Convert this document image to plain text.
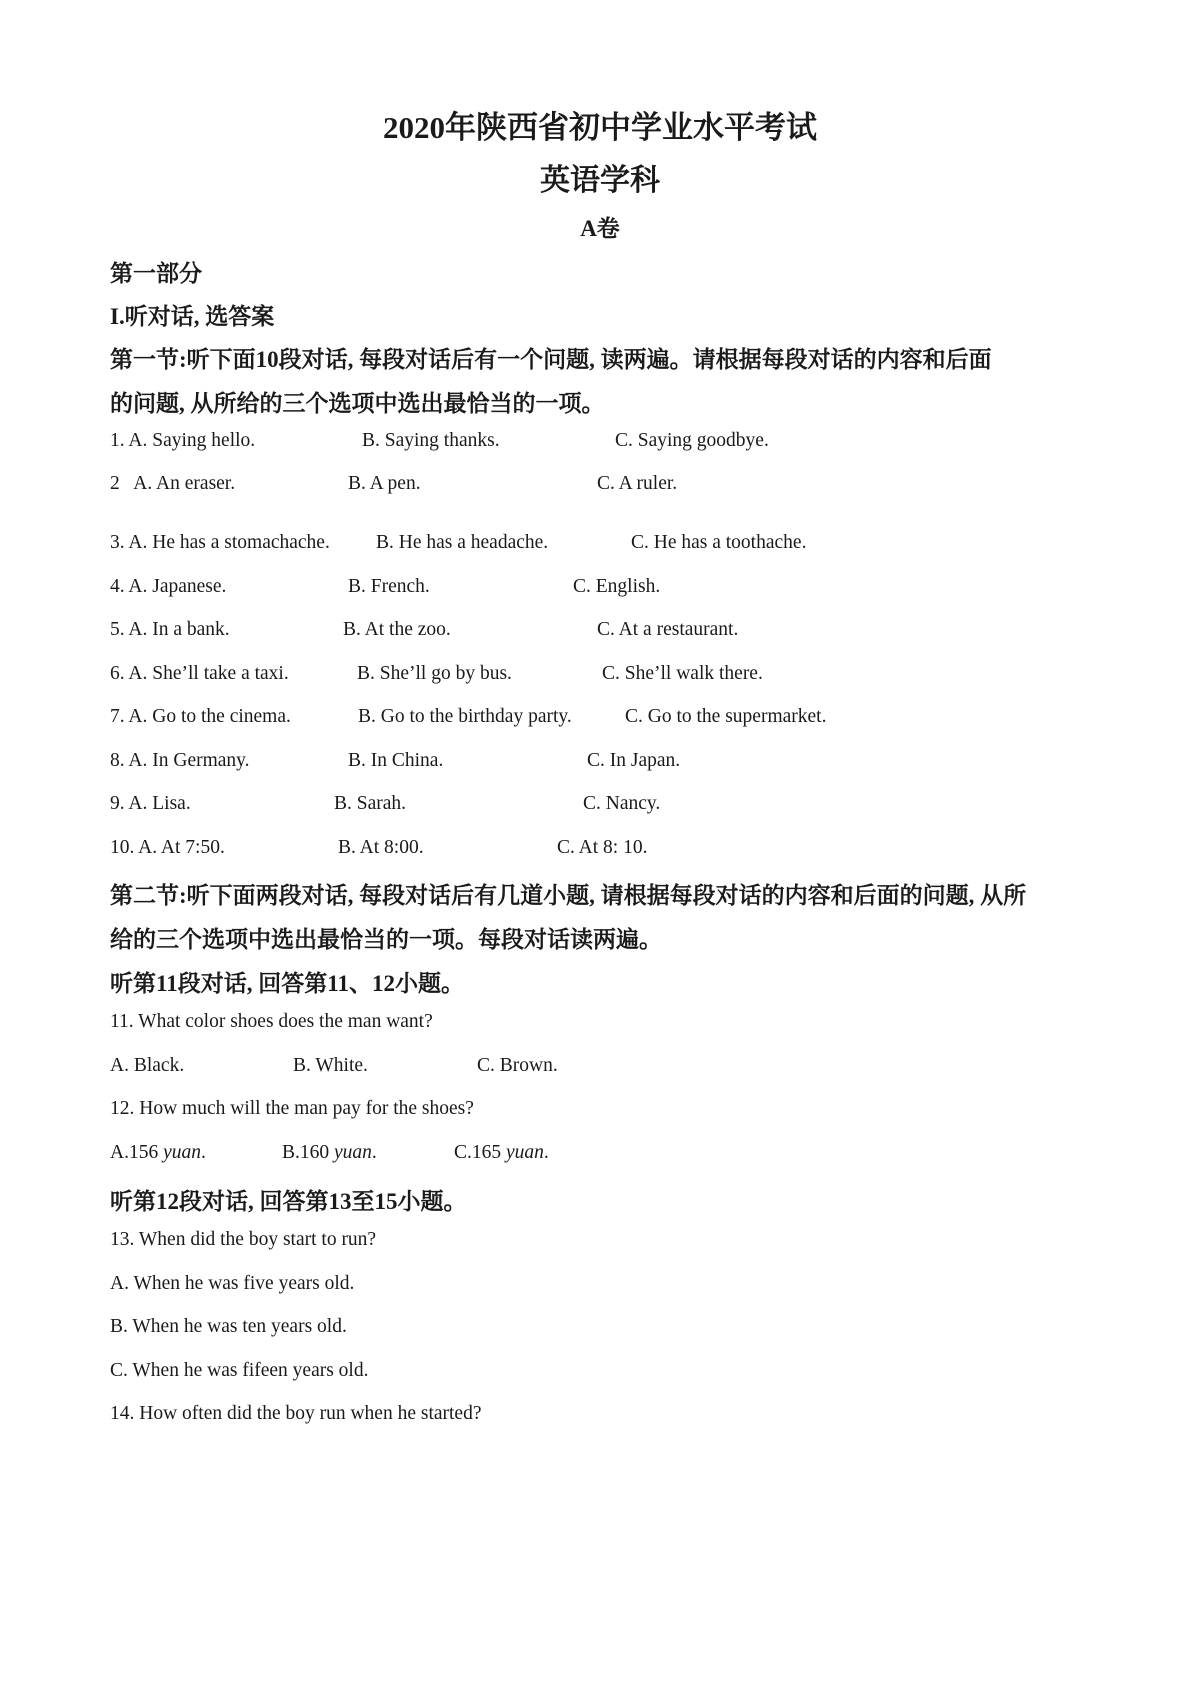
2020年陕西省初中学业水平考试
英语学科
A卷
第一部分
I.听对话, 选答案
第一节:听下面10段对话, 每段对话后有一个问题, 读两遍。请根据每段对话的内容和后面
的问题, 从所给的三个选项中选出最恰当的一项。
1. A. Saying hello.	B. Saying thanks.	C. Saying goodbye.
2   A. An eraser.	B. A pen.	C. A ruler.
3. A. He has a stomachache. B. He has a headache.	C. He has a toothache.
4. A. Japanese.	B. French.	C. English.
5. A. In a bank.	B. At the zoo.	C. At a restaurant.
6. A. She’ll take a taxi.	B. She’ll go by bus.	C. She’ll walk there.
7. A. Go to the cinema.	B. Go to the birthday party.	C. Go to the supermarket.
8. A. In Germany.	B. In China.	C. In Japan.
9. A. Lisa.	B. Sarah.	C. Nancy.
10. A. At 7:50.	B. At 8:00.	C. At 8: 10.
第二节:听下面两段对话, 每段对话后有几道小题, 请根据每段对话的内容和后面的问题, 从所
给的三个选项中选出最恰当的一项。每段对话读两遍。
听第11段对话, 回答第11、12小题。
11. What color shoes does the man want?
A. Black.	B. White.	C. Brown.
12. How much will the man pay for the shoes?
A.156 yuan.	B.160 yuan.	C.165 yuan.
听第12段对话, 回答第13至15小题。
13. When did the boy start to run?
A. When he was five years old.
B. When he was ten years old.
C. When he was fifeen years old.
14. How often did the boy run when he started?
